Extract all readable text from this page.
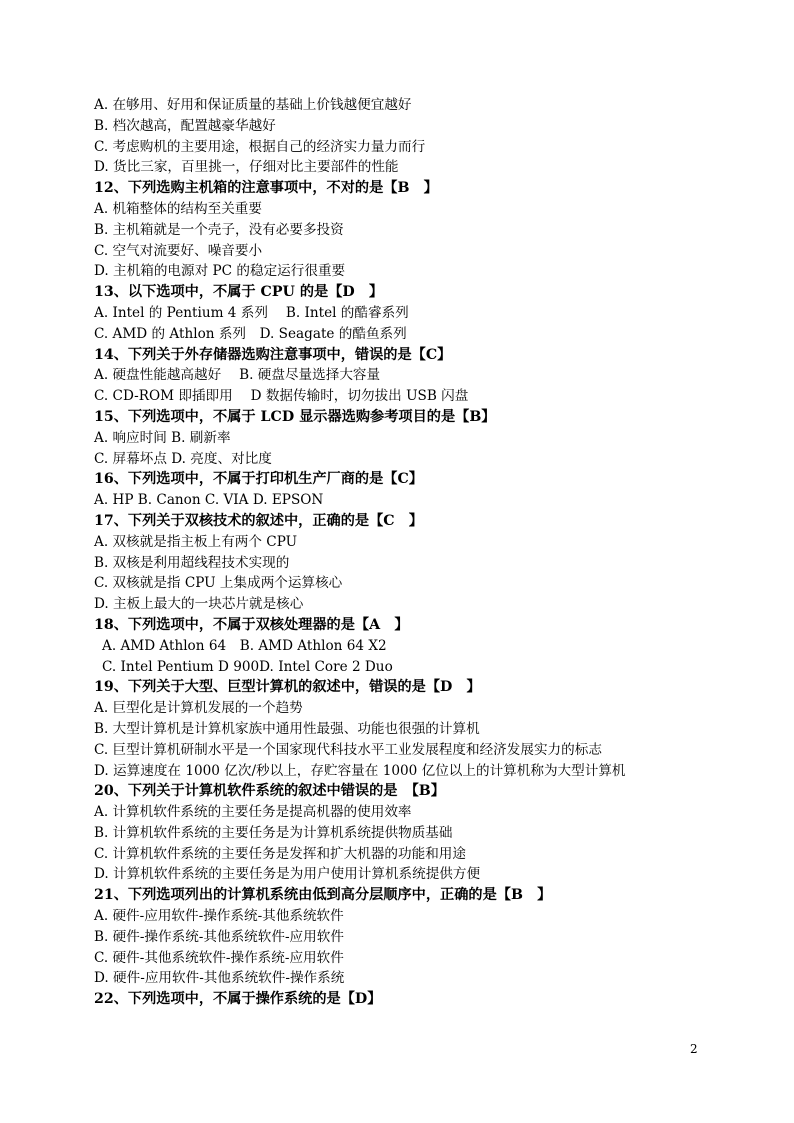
A. 在够用、好用和保证质量的基础上价钱越便宜越好
B. 档次越高，配置越豪华越好
C. 考虑购机的主要用途，根据自己的经济实力量力而行
D. 货比三家，百里挑一，仔细对比主要部件的性能
12、下列选购主机箱的注意事项中，不对的是【B　】
A. 机箱整体的结构至关重要
B. 主机箱就是一个壳子，没有必要多投资
C. 空气对流要好、噪音要小
D. 主机箱的电源对 PC 的稳定运行很重要
13、以下选项中，不属于 CPU 的是【D　】
A. Intel 的 Pentium 4 系列　 B. Intel 的酷睿系列
C. AMD 的 Athlon 系列　D. Seagate 的酷鱼系列
14、下列关于外存储器选购注意事项中，错误的是【C】
A. 硬盘性能越高越好　 B. 硬盘尽量选择大容量
C. CD-ROM 即插即用　 D 数据传输时，切勿拔出 USB 闪盘
15、下列选项中，不属于 LCD 显示器选购参考项目的是【B】
A. 响应时间 B. 刷新率
C. 屏幕坏点 D. 亮度、对比度
16、下列选项中，不属于打印机生产厂商的是【C】
A. HP B. Canon C. VIA D. EPSON
17、下列关于双核技术的叙述中，正确的是【C　】
A. 双核就是指主板上有两个 CPU
B. 双核是利用超线程技术实现的
C. 双核就是指 CPU 上集成两个运算核心
D. 主板上最大的一块芯片就是核心
18、下列选项中，不属于双核处理器的是【A　】
A. AMD Athlon 64　B. AMD Athlon 64 X2
C. Intel Pentium D 900D. Intel Core 2 Duo
19、下列关于大型、巨型计算机的叙述中，错误的是【D　】
A. 巨型化是计算机发展的一个趋势
B. 大型计算机是计算机家族中通用性最强、功能也很强的计算机
C. 巨型计算机研制水平是一个国家现代科技水平工业发展程度和经济发展实力的标志
D. 运算速度在 1000 亿次/秒以上，存贮容量在 1000 亿位以上的计算机称为大型计算机
20、下列关于计算机软件系统的叙述中错误的是　【B】
A. 计算机软件系统的主要任务是提高机器的使用效率
B. 计算机软件系统的主要任务是为计算机系统提供物质基础
C. 计算机软件系统的主要任务是发挥和扩大机器的功能和用途
D. 计算机软件系统的主要任务是为用户使用计算机系统提供方便
21、下列选项列出的计算机系统由低到高分层顺序中，正确的是【B　】
A. 硬件-应用软件-操作系统-其他系统软件
B. 硬件-操作系统-其他系统软件-应用软件
C. 硬件-其他系统软件-操作系统-应用软件
D. 硬件-应用软件-其他系统软件-操作系统
22、下列选项中，不属于操作系统的是【D】
2
